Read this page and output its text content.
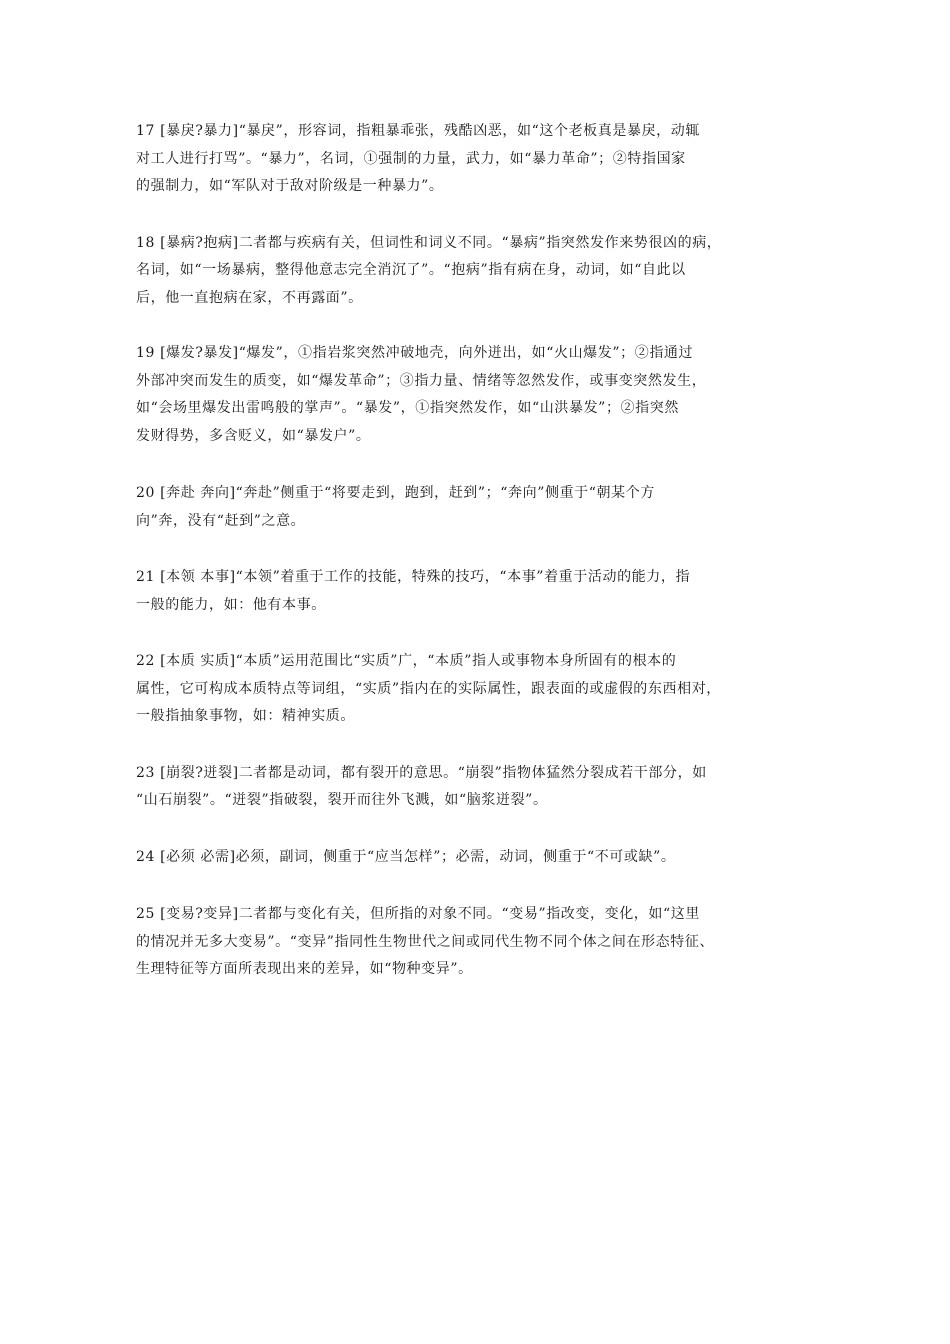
17 [暴戾?暴力]“暴戾”，形容词，指粗暴乖张，残酷凶恶，如“这个老板真是暴戾，动辄
对工人进行打骂”。“暴力”，名词，①强制的力量，武力，如“暴力革命”；②特指国家
的强制力，如“军队对于敌对阶级是一种暴力”。

18 [暴病?抱病]二者都与疾病有关，但词性和词义不同。“暴病”指突然发作来势很凶的病，
名词，如“一场暴病，整得他意志完全消沉了”。“抱病”指有病在身，动词，如“自此以
后，他一直抱病在家，不再露面”。

19 [爆发?暴发]“爆发”，①指岩浆突然冲破地壳，向外迸出，如“火山爆发”；②指通过
外部冲突而发生的质变，如“爆发革命”；③指力量、情绪等忽然发作，或事变突然发生，
如“会场里爆发出雷鸣般的掌声”。“暴发”，①指突然发作，如“山洪暴发”；②指突然
发财得势，多含贬义，如“暴发户”。

20 [奔赴 奔向]“奔赴”侧重于“将要走到，跑到，赶到”；“奔向”侧重于“朝某个方
向”奔，没有“赶到”之意。

21 [本领 本事]“本领”着重于工作的技能，特殊的技巧，“本事”着重于活动的能力，指
一般的能力，如：他有本事。

22 [本质 实质]“本质”运用范围比“实质”广，“本质”指人或事物本身所固有的根本的
属性，它可构成本质特点等词组，“实质”指内在的实际属性，跟表面的或虚假的东西相对，
一般指抽象事物，如：精神实质。

23 [崩裂?迸裂]二者都是动词，都有裂开的意思。“崩裂”指物体猛然分裂成若干部分，如
“山石崩裂”。“迸裂”指破裂，裂开而往外飞溅，如“脑浆迸裂”。

24 [必须 必需]必须，副词，侧重于“应当怎样”；必需，动词，侧重于“不可或缺”。

25 [变易?变异]二者都与变化有关，但所指的对象不同。“变易”指改变，变化，如“这里
的情况并无多大变易”。“变异”指同性生物世代之间或同代生物不同个体之间在形态特征、
生理特征等方面所表现出来的差异，如“物种变异”。
